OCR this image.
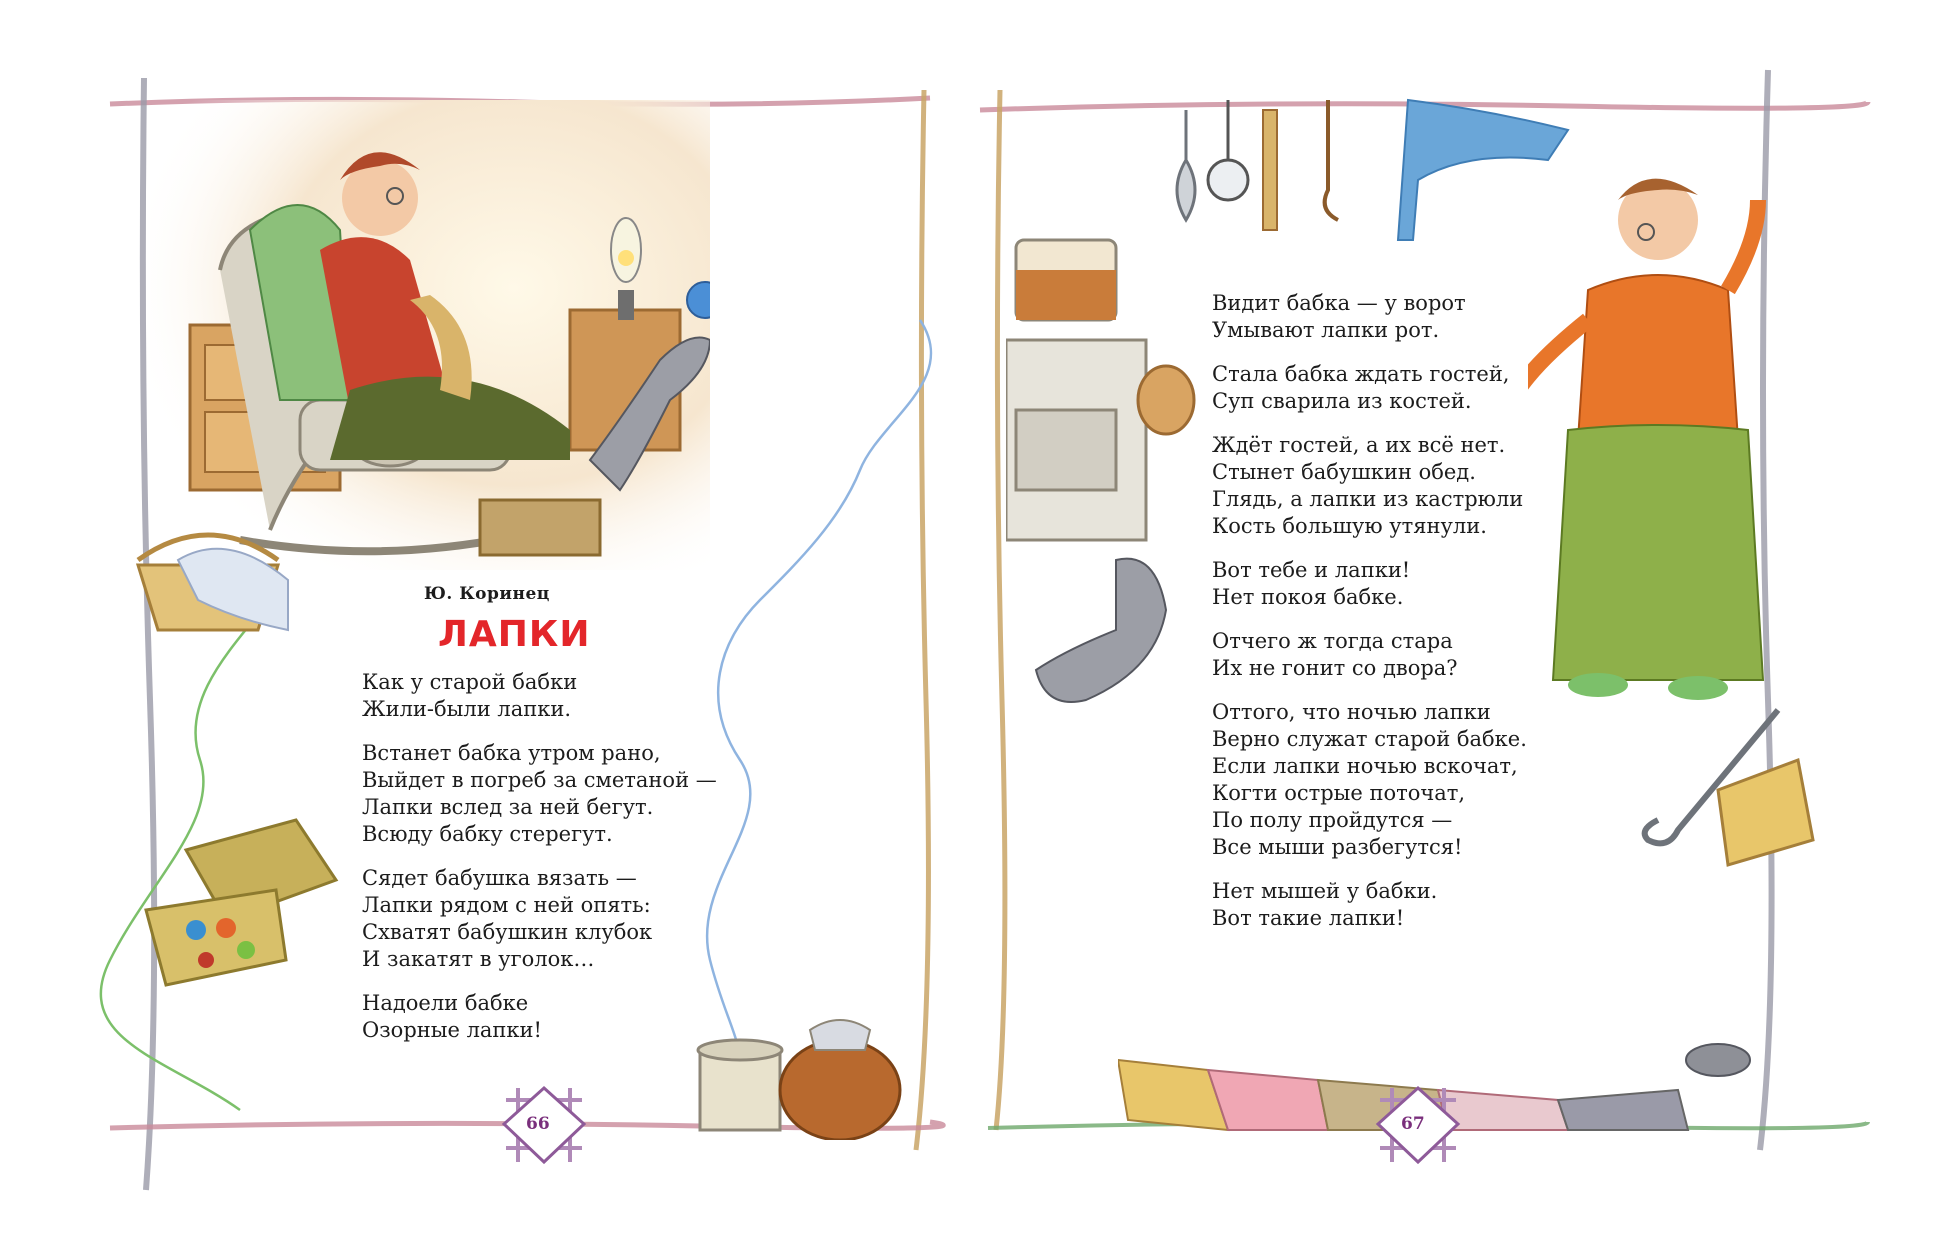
Ю. Коринец
ЛАПКИ
Как у старой бабки
Жили-были лапки.
Встанет бабка утром рано,
Выйдет в погреб за сметаной —
Лапки вслед за ней бегут.
Всюду бабку стерегут.
Сядет бабушка вязать —
Лапки рядом с ней опять:
Схватят бабушкин клубок
И закатят в уголок…
Надоели бабке
Озорные лапки!
66
Видит бабка — у ворот
Умывают лапки рот.
Стала бабка ждать гостей,
Суп сварила из костей.
Ждёт гостей, а их всё нет.
Стынет бабушкин обед.
Глядь, а лапки из кастрюли
Кость большую утянули.
Вот тебе и лапки!
Нет покоя бабке.
Отчего ж тогда стара
Их не гонит со двора?
Оттого, что ночью лапки
Верно служат старой бабке.
Если лапки ночью вскочат,
Когти острые поточат,
По полу пройдутся —
Все мыши разбегутся!
Нет мышей у бабки.
Вот такие лапки!
67
